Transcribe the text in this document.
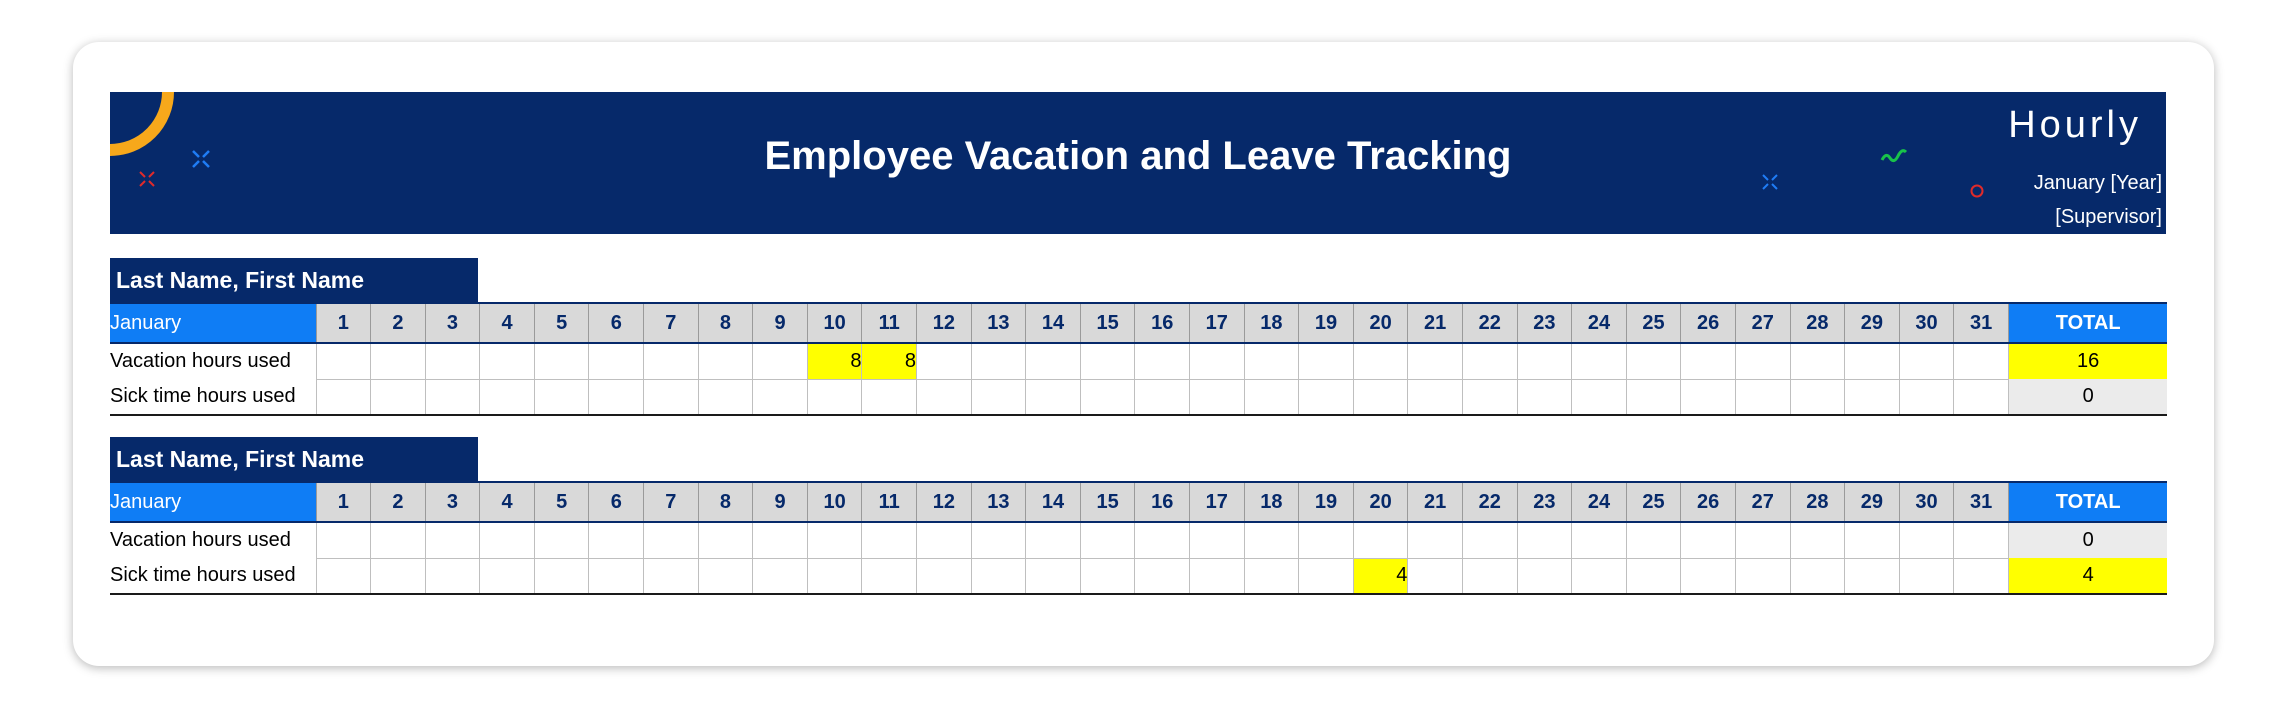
Employee Vacation and Leave Tracking
Hourly
January [Year]
[Supervisor]
Last Name, First Name
January	1	2	3	4	5	6	7	8	9	10	11	12	13	14	15	16	17	18	19	20	21	22	23	24	25	26	27	28	29	30	31	TOTAL
Vacation hours used										8	8																					16
Sick time hours used																																0
Last Name, First Name
January	1	2	3	4	5	6	7	8	9	10	11	12	13	14	15	16	17	18	19	20	21	22	23	24	25	26	27	28	29	30	31	TOTAL
Vacation hours used																																0
Sick time hours used																				4												4
